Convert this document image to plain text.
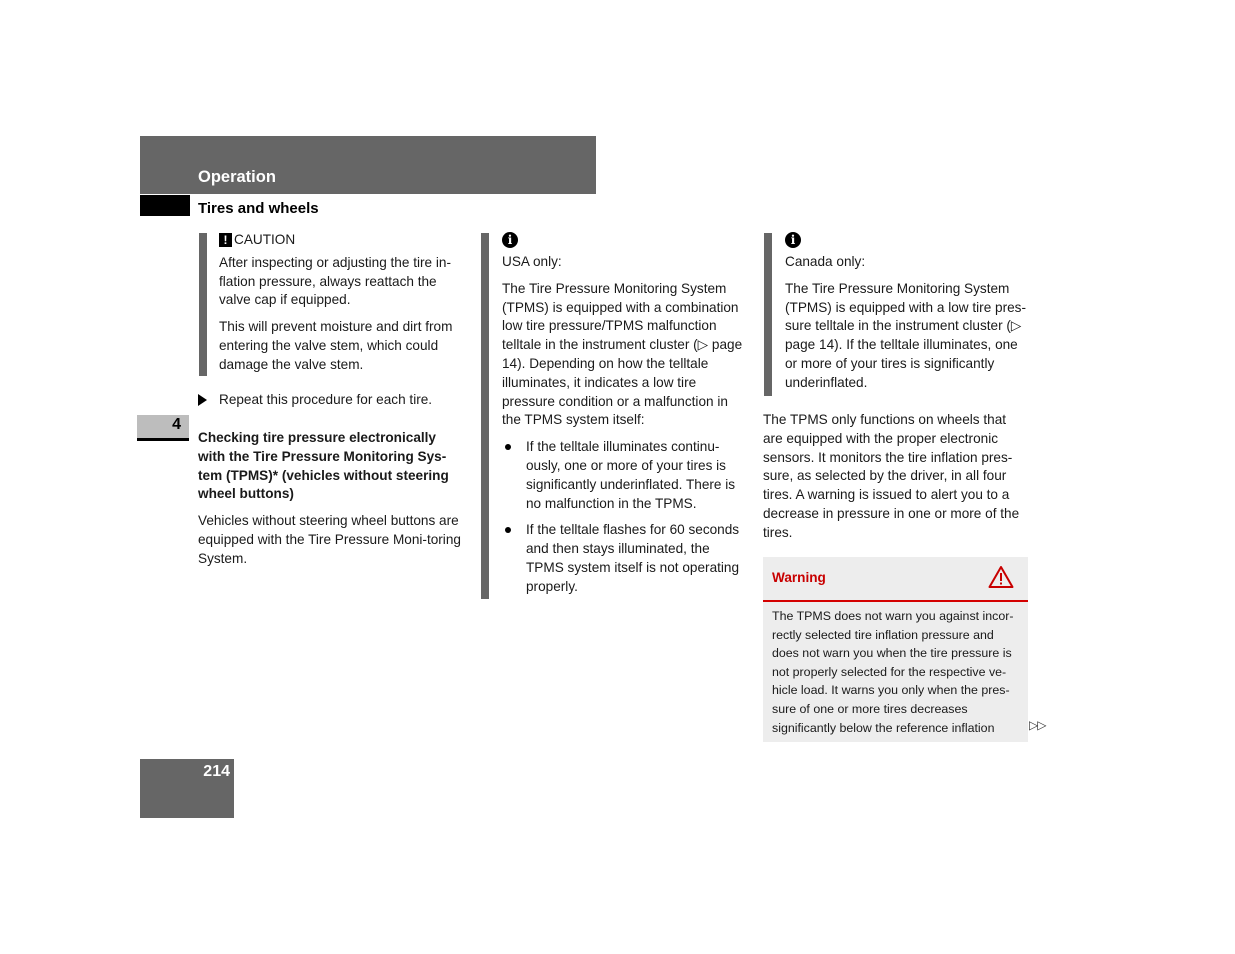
Operation
Tires and wheels
4
214
! CAUTION

After inspecting or adjusting the tire in-flation pressure, always reattach the valve cap if equipped.

This will prevent moisture and dirt from entering the valve stem, which could damage the valve stem.

Repeat this procedure for each tire.
Checking tire pressure electronically with the Tire Pressure Monitoring Sys-tem (TPMS)* (vehicles without steering wheel buttons)
Vehicles without steering wheel buttons are equipped with the Tire Pressure Moni-toring System.
i

USA only:

The Tire Pressure Monitoring System (TPMS) is equipped with a combination low tire pressure/TPMS malfunction telltale in the instrument cluster (▷ page 14). Depending on how the telltale illuminates, it indicates a low tire pressure condition or a malfunction in the TPMS system itself:

If the telltale illuminates continu-ously, one or more of your tires is significantly underinflated. There is no malfunction in the TPMS.
If the telltale flashes for 60 seconds and then stays illuminated, the TPMS system itself is not operating properly.
i

Canada only:

The Tire Pressure Monitoring System (TPMS) is equipped with a low tire pres-sure telltale in the instrument cluster (▷ page 14). If the telltale illuminates, one or more of your tires is significantly underinflated.

The TPMS only functions on wheels that are equipped with the proper electronic sensors. It monitors the tire inflation pres-sure, as selected by the driver, in all four tires. A warning is issued to alert you to a decrease in pressure in one or more of the tires.
Warning
The TPMS does not warn you against incor-rectly selected tire inflation pressure and does not warn you when the tire pressure is not properly selected for the respective ve-hicle load. It warns you only when the pres-sure of one or more tires decreases significantly below the reference inflation	▷▷
